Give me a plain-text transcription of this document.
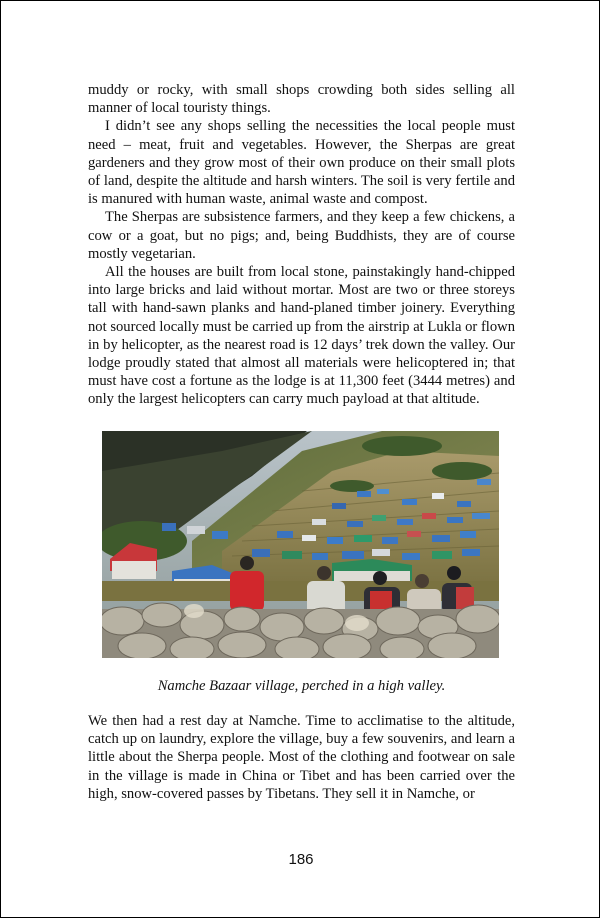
muddy or rocky, with small shops crowding both sides selling all manner of local touristy things.

I didn’t see any shops selling the necessities the local people must need – meat, fruit and vegetables. However, the Sherpas are great gardeners and they grow most of their own produce on their small plots of land, despite the altitude and harsh winters. The soil is very fertile and is manured with human waste, animal waste and compost.

The Sherpas are subsistence farmers, and they keep a few chickens, a cow or a goat, but no pigs; and, being Buddhists, they are of course mostly vegetarian.

All the houses are built from local stone, painstakingly hand-chipped into large bricks and laid without mortar. Most are two or three storeys tall with hand-sawn planks and hand-planed timber joinery. Everything not sourced locally must be carried up from the airstrip at Lukla or flown in by helicopter, as the nearest road is 12 days’ trek down the valley. Our lodge proudly stated that almost all materials were helicoptered in; that must have cost a fortune as the lodge is at 11,300 feet (3444 metres) and only the largest helicopters can carry much payload at that altitude.

Namche Bazaar village, perched in a high valley.

We then had a rest day at Namche. Time to acclimatise to the altitude, catch up on laundry, explore the village, buy a few souvenirs, and learn a little about the Sherpa people. Most of the clothing and footwear on sale in the village is made in China or Tibet and has been carried over the high, snow-covered passes by Tibetans. They sell it in Namche, or

186
